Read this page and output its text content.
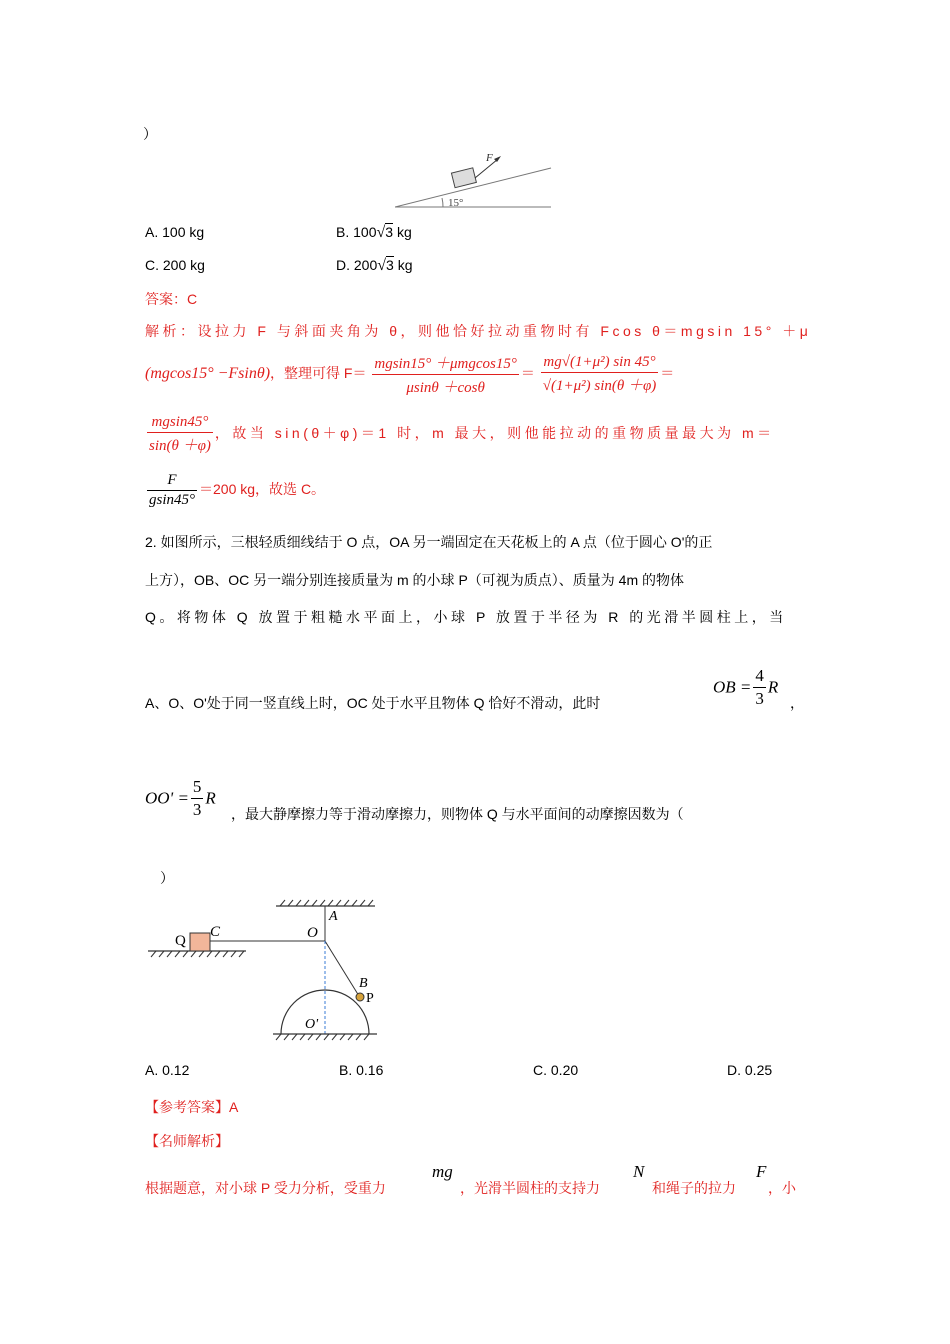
）
F
15°
A. 100 kg	B. 100√3 kg
C. 200 kg	D. 200√3 kg
答案：C
解析：设拉力 F 与斜面夹角为 θ，则他恰好拉动重物时有 Fcos θ＝mgsin 15° ＋μ
(mgcos15° −Fsinθ)，整理可得 $F= \frac{\text{mgsin15° ＋μmgcos15°}}{\mu\sin\theta +\cos\theta} = \frac{\text{mg√(1+μ²) sin 45°}}{\text{√(1+μ²) sin(θ ＋φ)}}$ ＝
$\frac{mgsin45^\circ}{\sin(\theta +\varphi)}$ ，故当 sin(θ＋φ)＝1 时，m 最大，则他能拉动的重物质量最大为 m＝
$\frac{F}{gsin45^\circ} =200$ kg，故选 C。
2. 如图所示，三根轻质细线结于 O 点，OA 另一端固定在天花板上的 A 点（位于圆心 O'的正
上方），OB、OC 另一端分别连接质量为 m 的小球 P（可视为质点）、质量为 4m 的物体
Q。将物体 Q 放置于粗糙水平面上，小球 P 放置于半径为 R 的光滑半圆柱上，当
A、O、O'处于同一竖直线上时，OC 处于水平且物体 Q 恰好不滑动，此时
OB = $\frac{4}{3}$ R
，
$OO' = \frac{5}{3}$ R
，最大静摩擦力等于滑动摩擦力，则物体 Q 与水平面间的动摩擦因数为（
）
Q
C	O
A
B
P
O'
A. 0.12	B. 0.16	C. 0.20	D. 0.25
【参考答案】A
【名师解析】
根据题意，对小球 P 受力分析，受重力
mg
，光滑半圆柱的支持力
N
和绳子的拉力
F
，小
